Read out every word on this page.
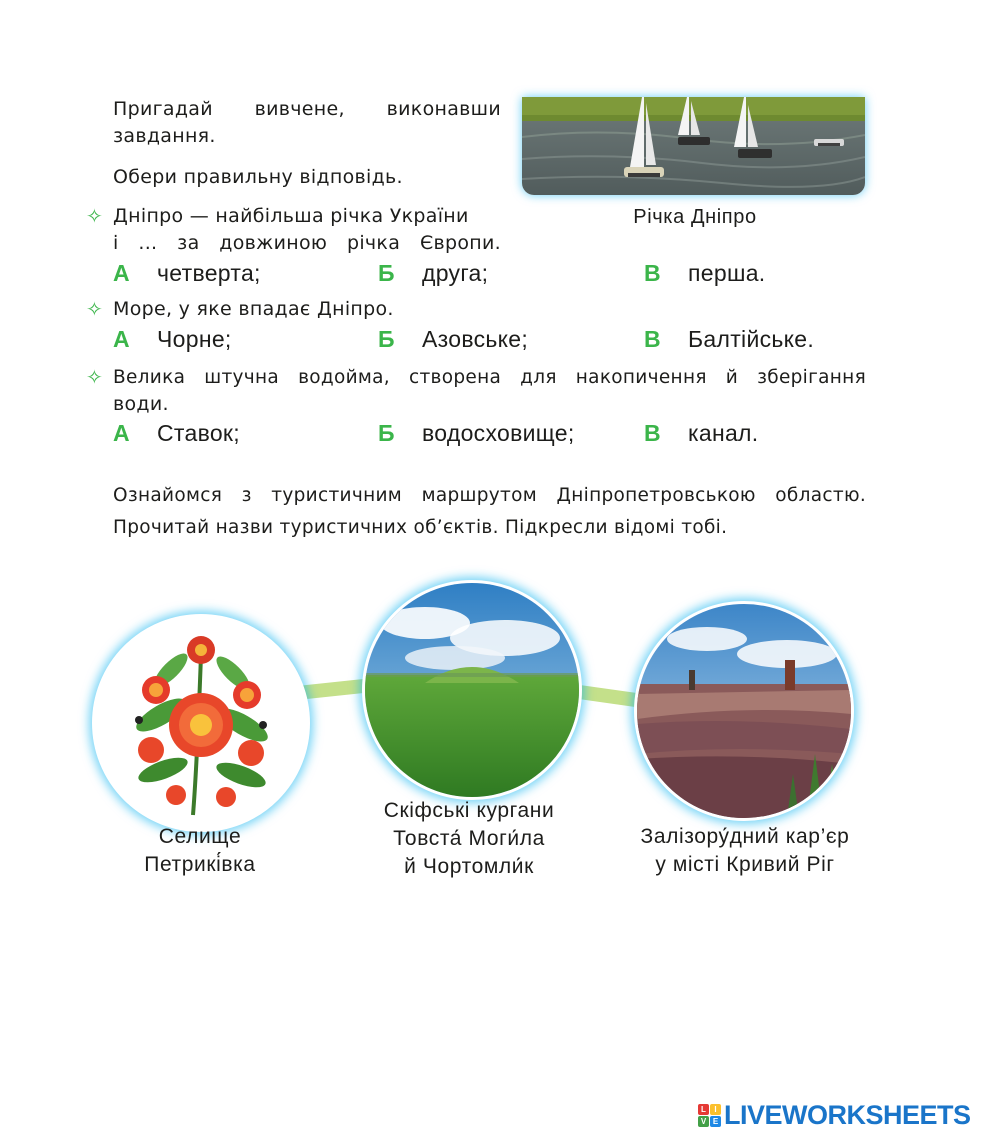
Пригадай вивчене, виконавши завдання.
Обери правильну відповідь.
Річка Дніпро
✧ Дніпро — найбільша річка України
і ... за довжиною річка Європи.
А четверта;	Б друга;	В перша.
✧ Море, у яке впадає Дніпро.
А Чорне;	Б Азовське;	В Балтійське.
✧ Велика штучна водойма, створена для накопичення й зберігання
води.
А Ставок;	Б водосховище;	В канал.
Ознайомся з туристичним маршрутом Дніпропетровською областю.
Прочитай назви туристичних об’єктів. Підкресли відомі тобі.
Селище
Петрикі́вка
Скіфські кургани
Товста́ Моги́ла
й Чортомли́к
Залізору́дний кар’єр
у місті Кривий Ріг
L	I
V E LIVEWORKSHEETS
